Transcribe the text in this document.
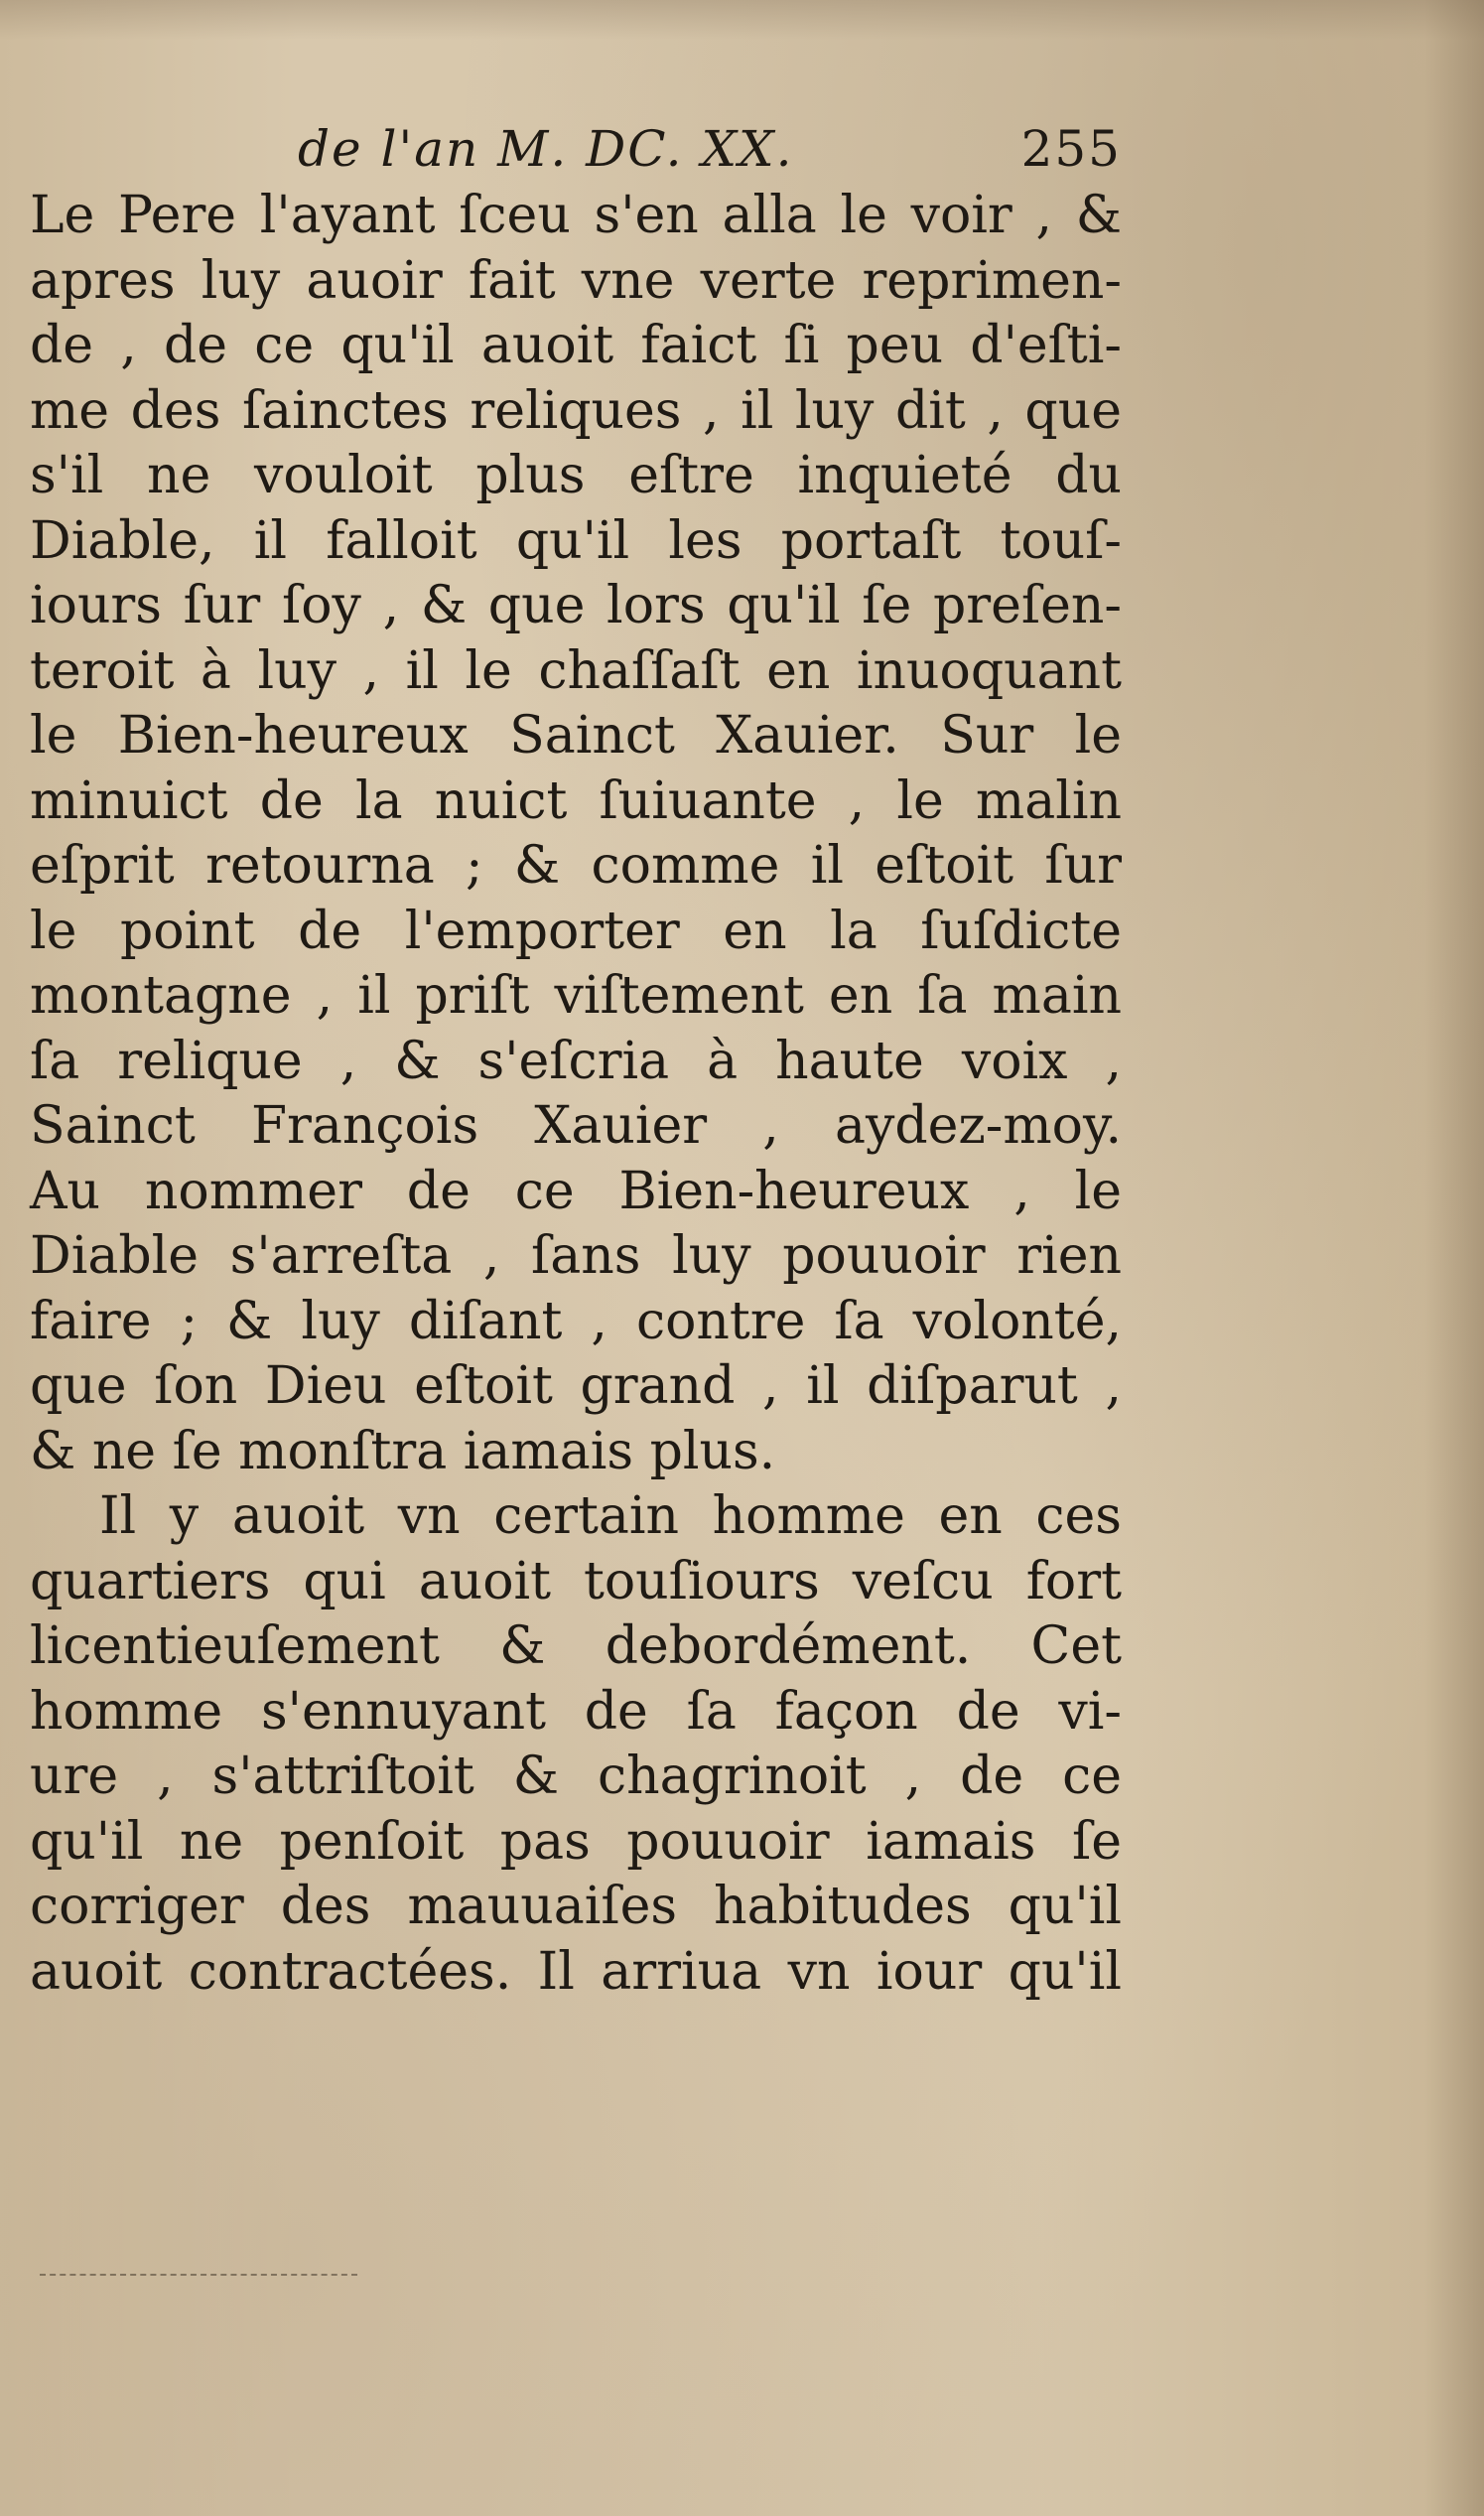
de l'an M. DC. XX.	255
Le Pere l'ayant ſceu s'en alla le voir , &
apres luy auoir fait vne verte reprimen-
de , de ce qu'il auoit faict ſi peu d'eſti-
me des ſainctes reliques , il luy dit , que
s'il ne vouloit plus eſtre inquieté du
Diable, il falloit qu'il les portaſt touſ-
iours ſur ſoy , & que lors qu'il ſe preſen-
teroit à luy , il le chaſſaſt en inuoquant
le Bien-heureux Sainct Xauier. Sur le
minuict de la nuict ſuiuante , le malin
eſprit retourna ; & comme il eſtoit ſur
le point de l'emporter en la ſuſdicte
montagne , il priſt viſtement en ſa main
ſa relique , & s'eſcria à haute voix ,
Sainct François Xauier , aydez-moy.
Au nommer de ce Bien-heureux , le
Diable s'arreſta , ſans luy pouuoir rien
faire ; & luy diſant , contre ſa volonté,
que ſon Dieu eſtoit grand , il diſparut ,
& ne ſe monſtra iamais plus.
Il y auoit vn certain homme en ces
quartiers qui auoit touſiours veſcu fort
licentieuſement & debordément. Cet
homme s'ennuyant de ſa façon de vi-
ure , s'attriſtoit & chagrinoit , de ce
qu'il ne penſoit pas pouuoir iamais ſe
corriger des mauuaiſes habitudes qu'il
auoit contractées. Il arriua vn iour qu'il
